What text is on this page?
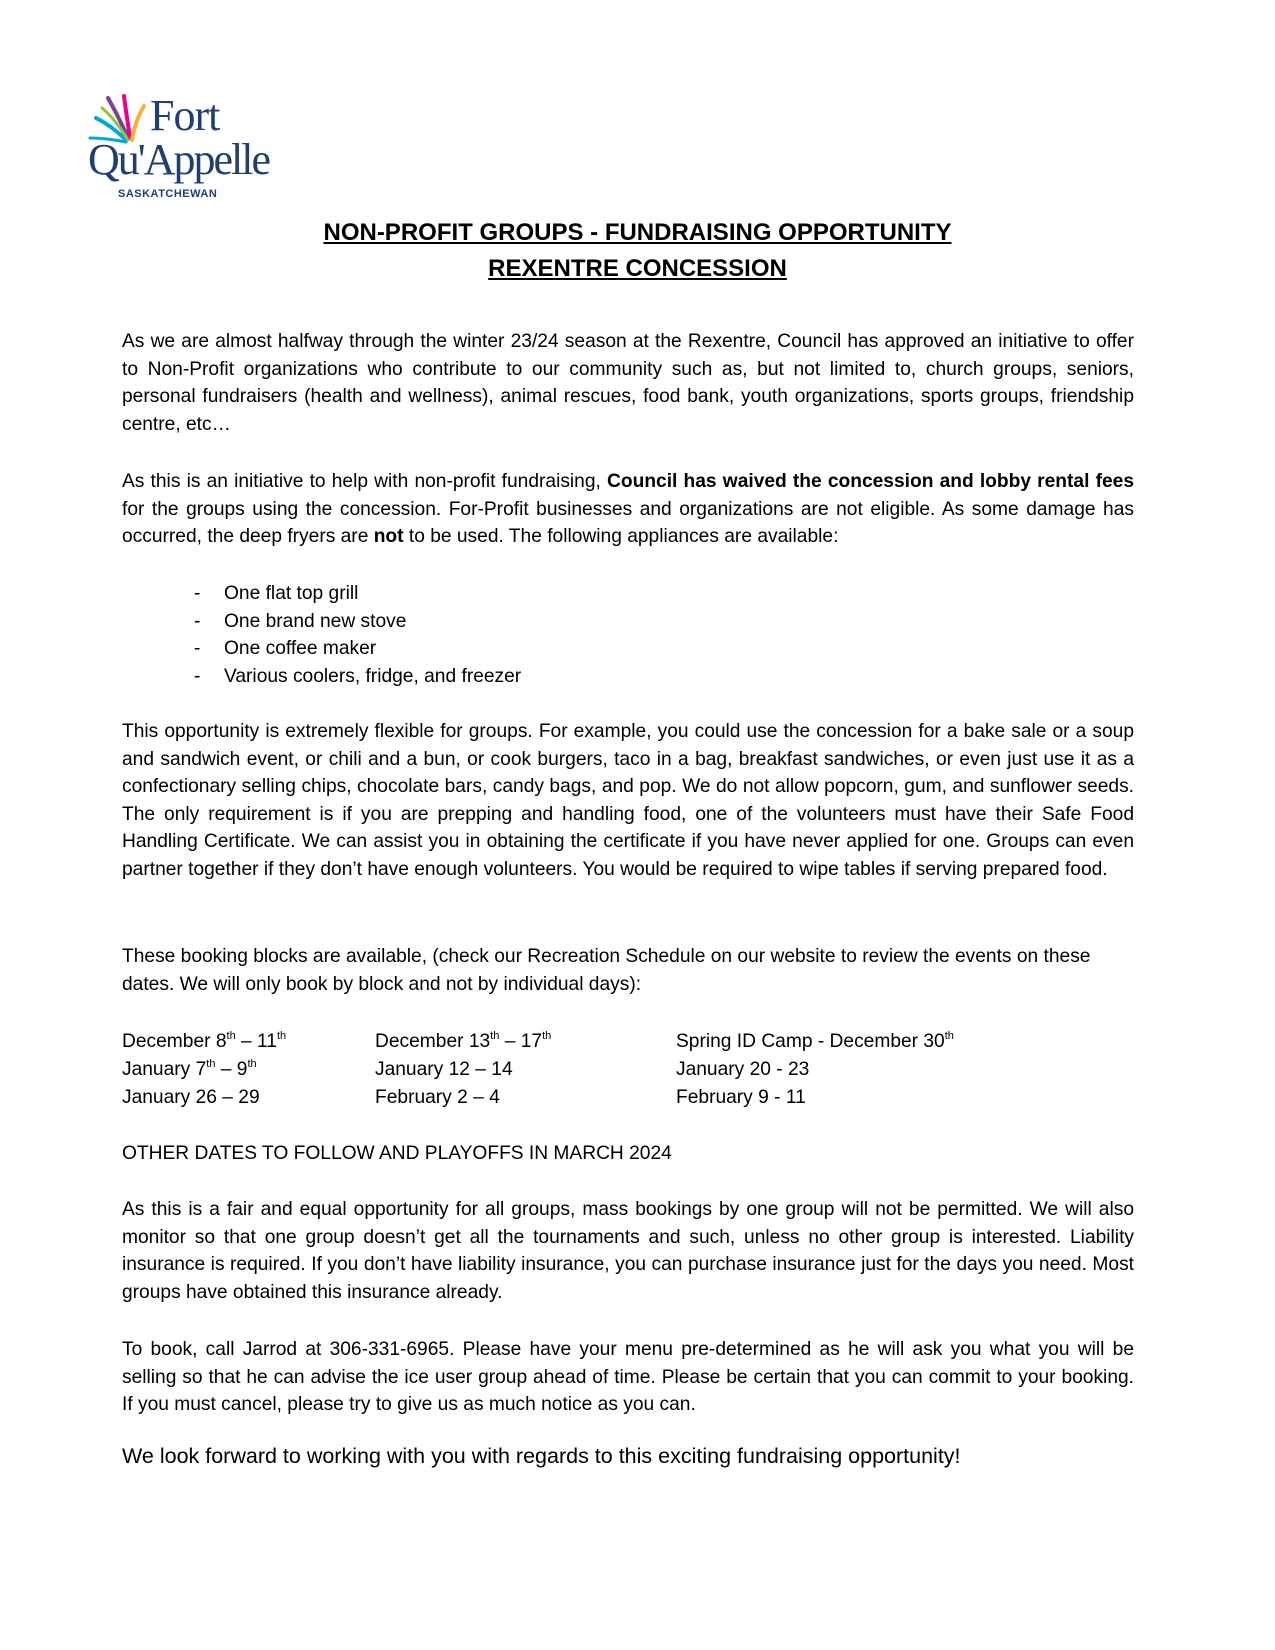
Fort
Qu'Appelle
SASKATCHEWAN
NON-PROFIT GROUPS - FUNDRAISING OPPORTUNITY
REXENTRE CONCESSION

As we are almost halfway through the winter 23/24 season at the Rexentre, Council has approved an initiative to offer to Non-Profit organizations who contribute to our community such as, but not limited to, church groups, seniors, personal fundraisers (health and wellness), animal rescues, food bank, youth organizations, sports groups, friendship centre, etc…

As this is an initiative to help with non-profit fundraising, Council has waived the concession and lobby rental fees for the groups using the concession. For-Profit businesses and organizations are not eligible. As some damage has occurred, the deep fryers are not to be used. The following appliances are available:

- One flat top grill
- One brand new stove
- One coffee maker
- Various coolers, fridge, and freezer

This opportunity is extremely flexible for groups. For example, you could use the concession for a bake sale or a soup and sandwich event, or chili and a bun, or cook burgers, taco in a bag, breakfast sandwiches, or even just use it as a confectionary selling chips, chocolate bars, candy bags, and pop. We do not allow popcorn, gum, and sunflower seeds. The only requirement is if you are prepping and handling food, one of the volunteers must have their Safe Food Handling Certificate. We can assist you in obtaining the certificate if you have never applied for one. Groups can even partner together if they don’t have enough volunteers. You would be required to wipe tables if serving prepared food.

These booking blocks are available, (check our Recreation Schedule on our website to review the events on these dates. We will only book by block and not by individual days):

December 8th – 11th	December 13th – 17th	Spring ID Camp - December 30th
January 7th – 9th	January 12 – 14	January 20 - 23
January 26 – 29	February 2 – 4	February 9 - 11

OTHER DATES TO FOLLOW AND PLAYOFFS IN MARCH 2024

As this is a fair and equal opportunity for all groups, mass bookings by one group will not be permitted. We will also monitor so that one group doesn’t get all the tournaments and such, unless no other group is interested. Liability insurance is required. If you don’t have liability insurance, you can purchase insurance just for the days you need. Most groups have obtained this insurance already.

To book, call Jarrod at 306-331-6965. Please have your menu pre-determined as he will ask you what you will be selling so that he can advise the ice user group ahead of time. Please be certain that you can commit to your booking. If you must cancel, please try to give us as much notice as you can.

We look forward to working with you with regards to this exciting fundraising opportunity!
